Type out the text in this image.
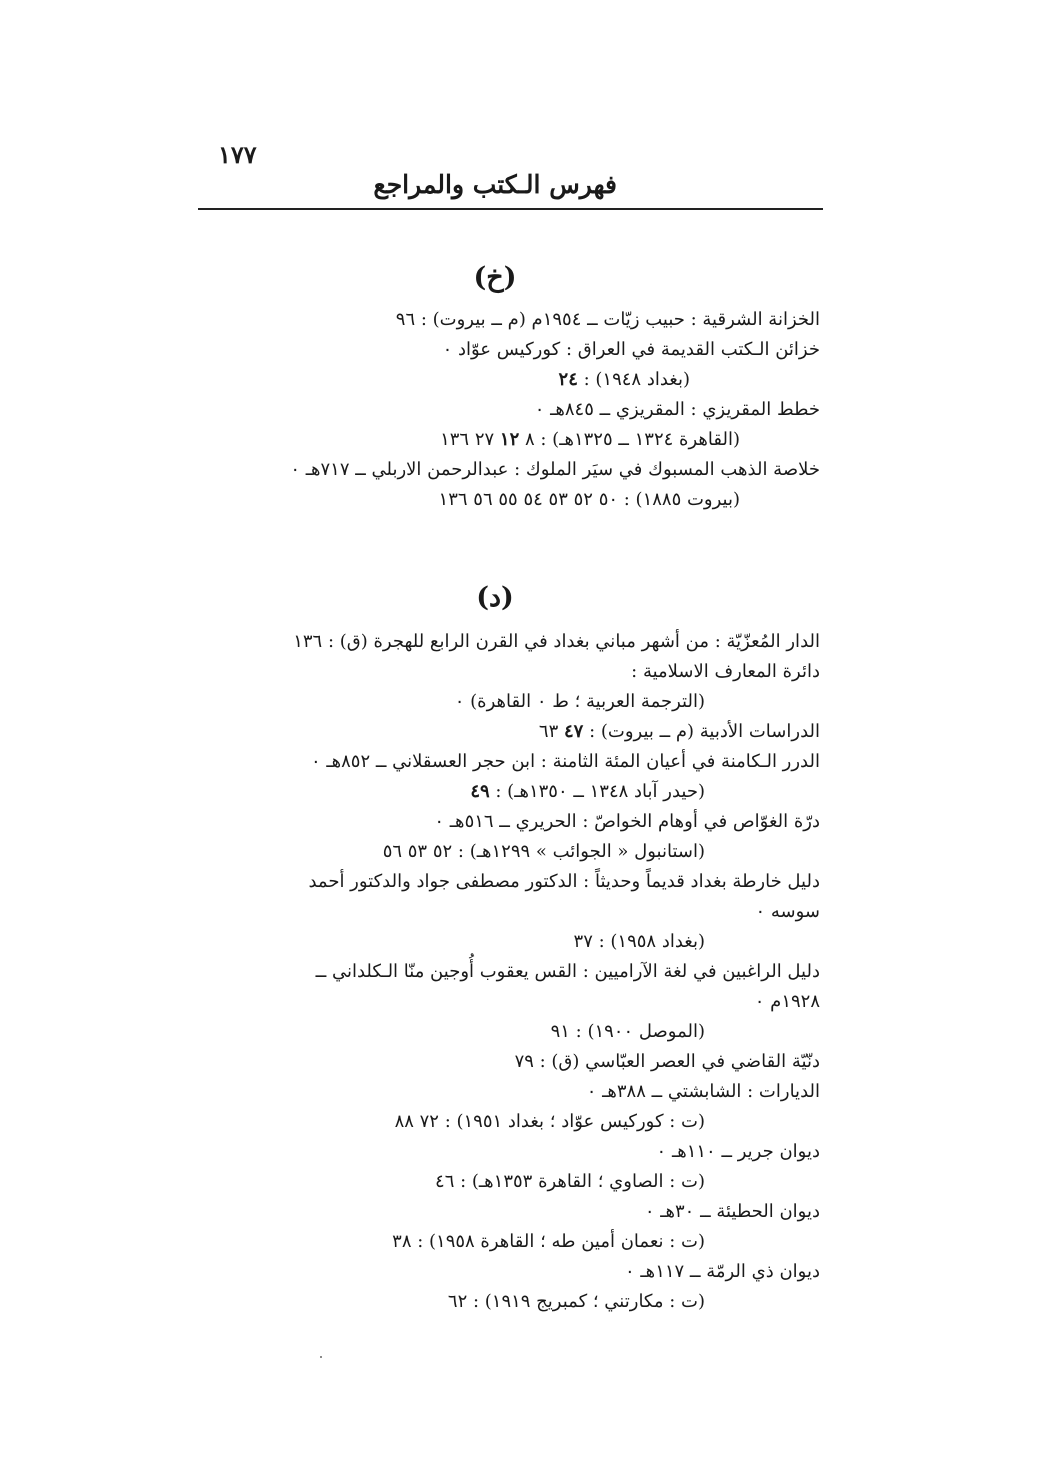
١٧٧
فهرس الـكتب والمراجع
(خ)
الخزانة الشرقية : حبيب زيّات ــ ١٩٥٤م (م ــ بيروت) : ٩٦
خزائن الـكتب القديمة في العراق : كوركيس عوّاد ٠
(بغداد ١٩٤٨) : ٢٤
خطط المقريزي : المقريزي ــ ٨٤٥هـ ٠
(القاهرة ١٣٢٤ ــ ١٣٢٥هـ) : ٨ ١٢ ٢٧ ١٣٦
خلاصة الذهب المسبوك في سيَر الملوك : عبدالرحمن الاربلي ــ ٧١٧هـ ٠
(بيروت ١٨٨٥) : ٥٠ ٥٢ ٥٣ ٥٤ ٥٥ ٥٦ ١٣٦
(د)
الدار المُعزّيّة : من أشهر مباني بغداد في القرن الرابع للهجرة (ق) : ١٣٦
دائرة المعارف الاسلامية :
(الترجمة العربية ؛ ط ٠ القاهرة) ٠
الدراسات الأدبية (م ــ بيروت) : ٤٧ ٦٣
الدرر الـكامنة في أعيان المئة الثامنة : ابن حجر العسقلاني ــ ٨٥٢هـ ٠
(حيدر آباد ١٣٤٨ ــ ١٣٥٠هـ) : ٤٩
درّة الغوّاص في أوهام الخواصّ : الحريري ــ ٥١٦هـ ٠
(استانبول « الجوائب » ١٢٩٩هـ) : ٥٢ ٥٣ ٥٦
دليل خارطة بغداد قديماً وحديثاً : الدكتور مصطفى جواد والدكتور أحمد
سوسه ٠
(بغداد ١٩٥٨) : ٣٧
دليل الراغبين في لغة الآراميين : القس يعقوب أُوجين منّا الـكلداني ــ
١٩٢٨م ٠
(الموصل ١٩٠٠) : ٩١
دنّيّة القاضي في العصر العبّاسي (ق) : ٧٩
الديارات : الشابشتي ــ ٣٨٨هـ ٠
(ت : كوركيس عوّاد ؛ بغداد ١٩٥١) : ٧٢ ٨٨
ديوان جرير ــ ١١٠هـ ٠
(ت : الصاوي ؛ القاهرة ١٣٥٣هـ) : ٤٦
ديوان الحطيئة ــ ٣٠هـ ٠
(ت : نعمان أمين طه ؛ القاهرة ١٩٥٨) : ٣٨
ديوان ذي الرمّة ــ ١١٧هـ ٠
(ت : مكارتني ؛ كمبريج ١٩١٩) : ٦٢
